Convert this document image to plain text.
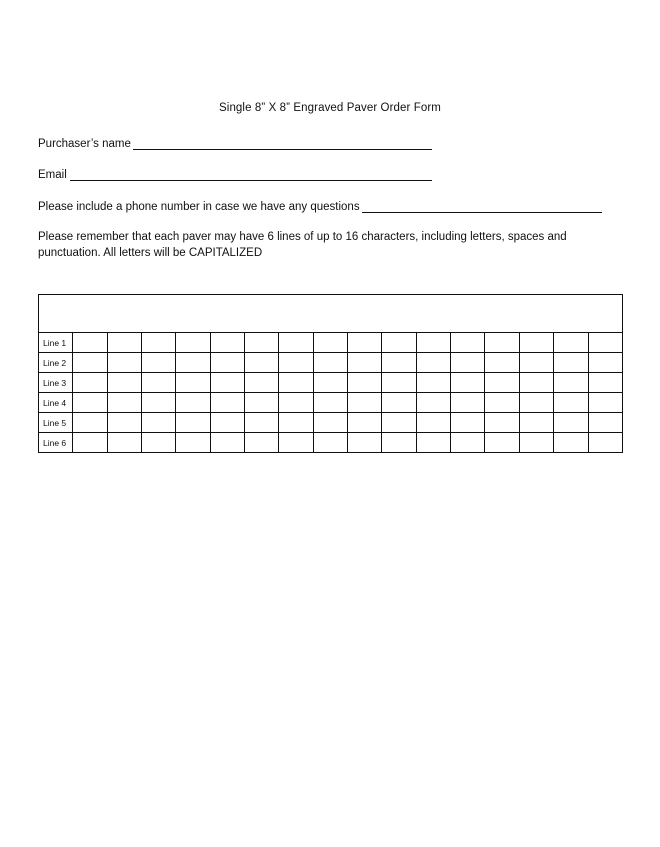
Single 8” X 8” Engraved Paver Order Form
Purchaser’s name
Email
Please include a phone number in case we have any questions
Please remember that each paver may have 6 lines of up to 16 characters, including letters, spaces and punctuation. All letters will be CAPITALIZED

Line 1																
Line 2																
Line 3																
Line 4																
Line 5																
Line 6																
